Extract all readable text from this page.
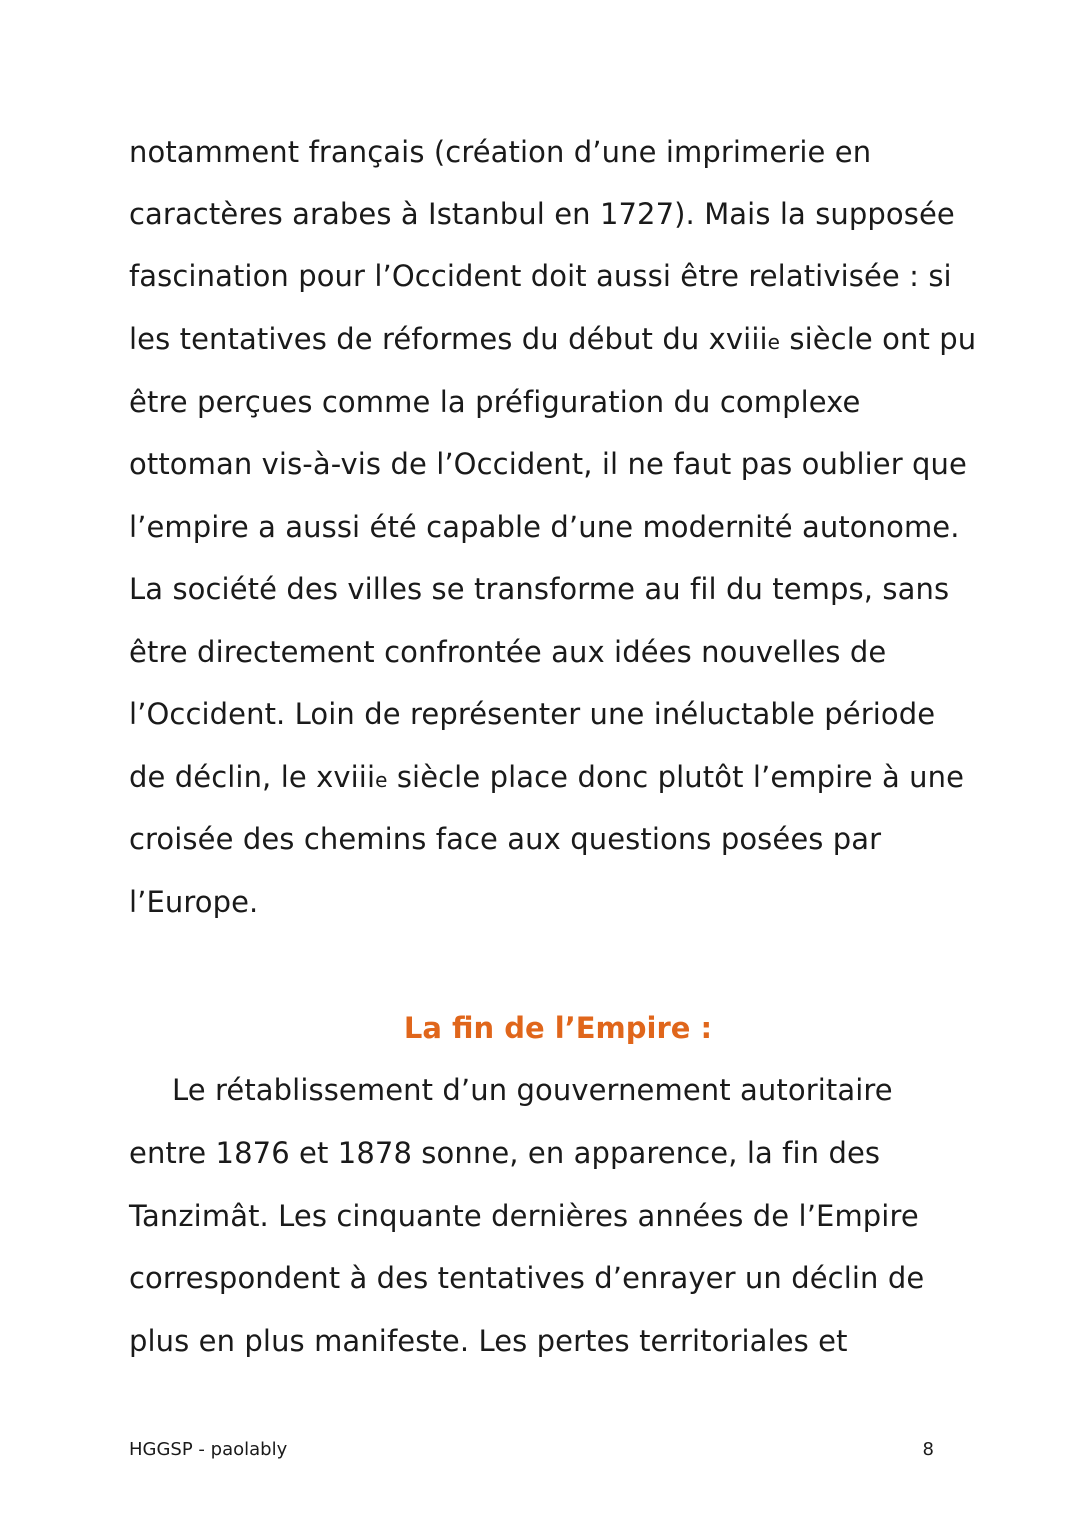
notamment français (création d’une imprimerie en
caractères arabes à Istanbul en 1727). Mais la supposée
fascination pour l’Occident doit aussi être relativisée : si
les tentatives de réformes du début du xviiie siècle ont pu
être perçues comme la préfiguration du complexe
ottoman vis-à-vis de l’Occident, il ne faut pas oublier que
l’empire a aussi été capable d’une modernité autonome.
La société des villes se transforme au fil du temps, sans
être directement confrontée aux idées nouvelles de
l’Occident. Loin de représenter une inéluctable période
de déclin, le xviiie siècle place donc plutôt l’empire à une
croisée des chemins face aux questions posées par
l’Europe.
La fin de l’Empire :
Le rétablissement d’un gouvernement autoritaire
entre 1876 et 1878 sonne, en apparence, la fin des
Tanzimât. Les cinquante dernières années de l’Empire
correspondent à des tentatives d’enrayer un déclin de
plus en plus manifeste. Les pertes territoriales et
HGGSP - paolably	8
